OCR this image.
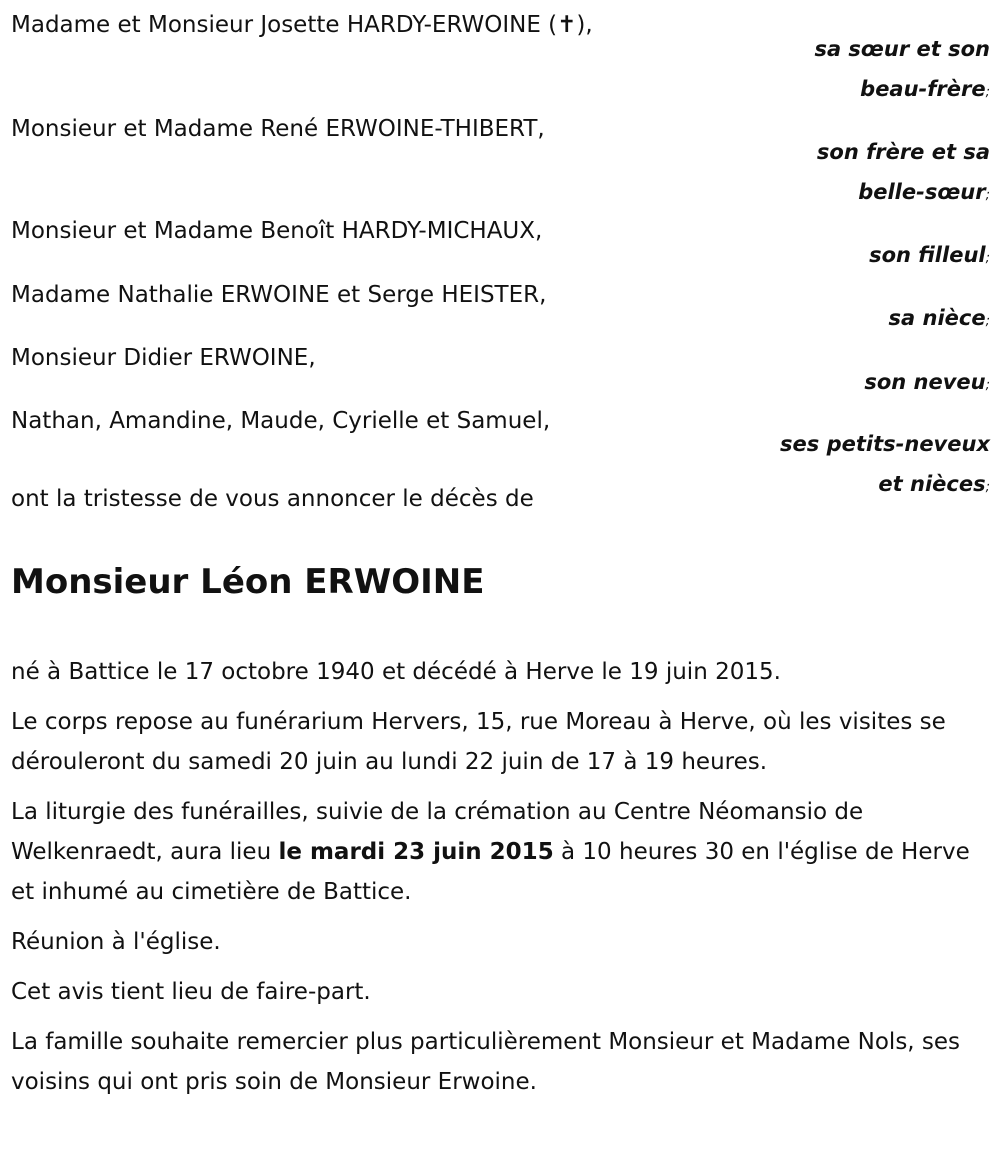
Madame et Monsieur Josette HARDY-ERWOINE (✝),
sa sœur et son
beau-frère;
Monsieur et Madame René ERWOINE-THIBERT,
son frère et sa
belle-sœur;
Monsieur et Madame Benoît HARDY-MICHAUX,
son filleul;
Madame Nathalie ERWOINE et Serge HEISTER,
sa nièce;
Monsieur Didier ERWOINE,
son neveu;
Nathan, Amandine, Maude, Cyrielle et Samuel,
ses petits-neveux
et nièces;
ont la tristesse de vous annoncer le décès de
Monsieur Léon ERWOINE

né à Battice le 17 octobre 1940 et décédé à Herve le 19 juin 2015.

Le corps repose au funérarium Hervers, 15, rue Moreau à Herve, où les visites se dérouleront du samedi 20 juin au lundi 22 juin de 17 à 19 heures.

La liturgie des funérailles, suivie de la crémation au Centre Néomansio de Welkenraedt, aura lieu le mardi 23 juin 2015 à 10 heures 30 en l'église de Herve et inhumé au cimetière de Battice.

Réunion à l'église.

Cet avis tient lieu de faire-part.

La famille souhaite remercier plus particulièrement Monsieur et Madame Nols, ses voisins qui ont pris soin de Monsieur Erwoine.
